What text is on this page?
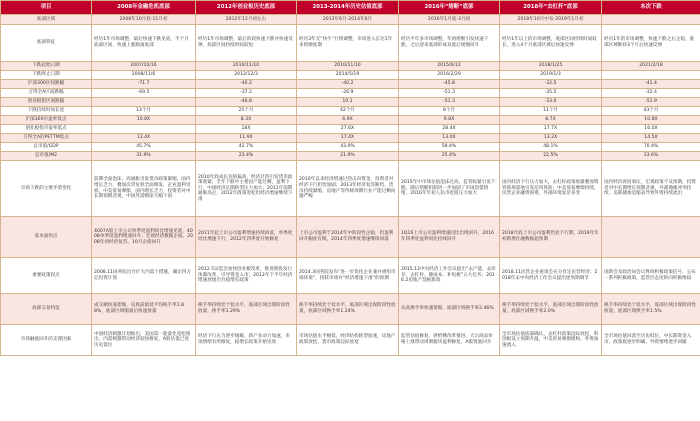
项目	2008年金融危机底部	2012年创业板历史底部	2013-2014年历史估值底部	2016年“熔断”底部	2018年“去杠杆”底部	本次下跌
底部区域	2008年10月底-11月初	2012年12月初左右	2013年6月-2014年6月	2016年1月底-3月初	2018年10月中旬-2019年1月初	
底部特征	经历1年市场调整，最后快速下跌见底，半个月底部区间，快速上涨脱离底部	经历1年市场调整，最后阶段快速下跌并快速反弹，底部区间持续时间较短	经历3年无“快牛”行情调整，市场进入长达1年多的磨底期	经历半年多市场调整，年初熔断引发快速下跌，之后迎来底部形成双底后缓慢回升	经历1年以上的市场调整，底部区间持续时间较长，进入4个月底部区域后快速反弹	经历1年的市场调整，快速下跌之后企稳，底部区域维持3个月后快速反弹
下跌起始日期	2007/10/16	2010/11/10	2010/11/10	2015/6/12	2018/1/25	2021/2/18
下跌终止日期	2008/11/6	2012/12/3	2014/5/19	2016/2/29	2019/1/3	
沪深300区间跌幅	-71.7	-40.2	-40.2	-45.8	-32.5	-41.4
万得全A区间跌幅	-69.5	-37.2	-26.9	-51.3	-35.5	-32.4
创业板指区间跌幅		-46.8	10.1	-51.3	-33.0	-51.9
下跌持续时间长度	13个月	25个月	42个月	8个月	11个月	43个月
沪深300市盈率低点	10.8X	8.3X	6.9X	9.8X	8.7X	10.8X
创业板指市盈率低点		18X	27.6X	28.4X	17.7X	16.0X
万得全A的PETTM低点	13.4X	11.9X	17.4X	13.0X	13.2X	14.5X
总市值/GDP	45.7%	42.7%	43.0%	58.4%	48.1%	70.4%
总市值/M2	31.9%	23.4%	21.9%	25.4%	22.5%	33.6%
市场下跌的主要矛盾变化	前期全面泡沫，高通胀引发货币政策紧缩，国内增长乏力，叠加次贷危机全面爆发，企业盈利受损，中美贸易摩擦，国内增长乏力，投资者对中长期预期悲观，中国外需断崖大幅下滑	2010年底成长估值偏高，经济过热引发货币政策收紧，全年下跌中主要因产能过剩，盈利下行，中国经济长期转型压力加大；2011年前期通胀高企，2012年政策宽松但经济增速继续下滑	2010年以来经济增速过热击向资金，投资者对经济下行担忧加剧；2013年经济复苏断档，货币持续紧缩，房地产等传统周期行业产能过剩问题严峻	2015年中市场估值泡沫过高，监管收紧引发下跌，随后熔断机制进一步加剧了市场恐慌情绪，2016年年初人民币贬值压力加大	国内经济下行压力加大，去杠杆政策收紧叠加资管新规落地引发信用风险；中美贸易摩擦持续，民营企业融资困难，外部环境复杂多变	国内经济再度承压，宏观政策不及预期，投资者对中长期增长预期悲观，外部地缘冲突持续，美联储加息缩表导致外资持续流出
基本面拐点	4007A股上市公司单季度盈利同比增速见底，4008单季度盈利增速回升；宏观经济数据企稳，2008年初经济复苏，10月企稳回升	2011年起上市公司盈利增速持续回落，单季度同比增速下行，2012年四季度开始修复	上市公司盈利于2014年中阶段性企稳，但盈利回升幅度有限，2014年四季度增速继续回落	1Q16上市公司盈利增速同比出现回升，2016年四季度盈利同比持续回升	2018年底上市公司盈利仍处下行期，2019年年初新增社融数据超预期	
重要政策拐点	2008.11国务院出台扩大内需十措施，确定四万亿投资计划	2012.5证监会加快创业板改革，推进新股发行体制改革，引导资金入市；2012年下半年经济增速放缓出台稳增长政策	2014.3国务院发布“进一步优化企业兼并重组市场环境”，扭转市场对“经济增速下滑”的预期	2015.12中央经济工作会议提出“去产能、去库存、去杠杆、降成本、补短板”五大任务；2016.2房地产契税新政	2018.11民营企业座谈会充分肯定民营经济；2018年末中央经济工作会议提出逆周期调节	国新会及政治局会议释放积极政策信号，公布一系列积极政策，监管层态度转向积极维稳
底部交易特征	成交额快速萎缩，见底前最低平均换手率1.88%，底部区域缩量后快速放量	换手率持续处于低水平，底部区域出现阶段性放量，换手率1.29%	换手率持续处于低水平，底部区域出现阶段性放量，底部区域换手率1.24%	从高换手率快速萎缩，底部区域换手率2.46%	换手率持续处于低水平，底部区域出现阶段性放量，底部区域换手率2.0%	换手率持续处于低水平，底部区域出现阶段性放量，底部区域换手率1.5%
市场触底回升的支撑因素	中国经济刺激计划推出，美国第一轮量化宽松推出，内需刺激带动经济较快修复，A股估值已处历史低位	经济下行压力逐步缓解，新产业动力加速，市场情绪有所修复，稳增长政策开始见效	市场估值水平极低，经济结构转型加速，房地产政策放松，货币政策边际放宽	监管估值修复，供给侧改革推进，大宗商品价格上涨带动周期板块盈利修复，A股筑底回升	全市场估值底部确认，去杠杆政策边际放松，科创板设立预期升温，中美贸易摩擦缓和，外资加速流入	全市场估值回落至历史低位，中长期资金入市，政策底逐步明确，外资情绪逐步回暖
